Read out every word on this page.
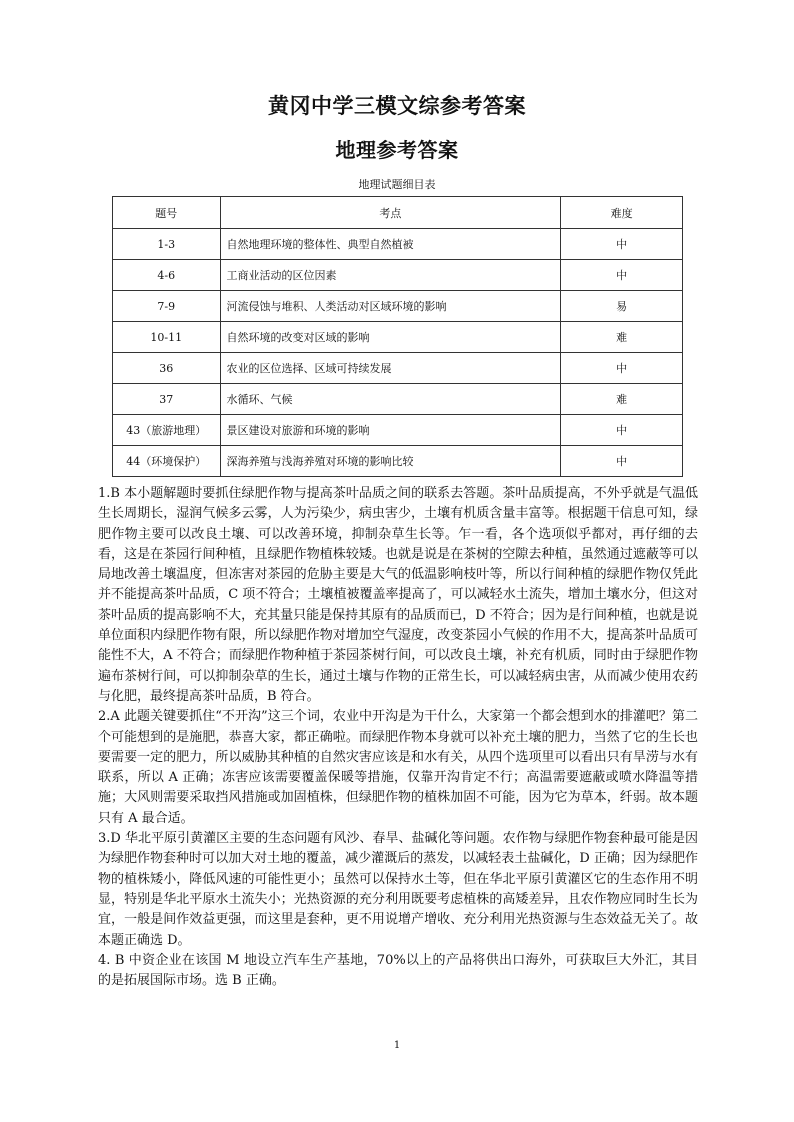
黄冈中学三模文综参考答案
地理参考答案
地理试题细目表
题号	考点	难度
1-3	自然地理环境的整体性、典型自然植被	中
4-6	工商业活动的区位因素	中
7-9	河流侵蚀与堆积、人类活动对区域环境的影响	易
10-11	自然环境的改变对区域的影响	难
36	农业的区位选择、区域可持续发展	中
37	水循环、气候	难
43（旅游地理）	景区建设对旅游和环境的影响	中
44（环境保护）	深海养殖与浅海养殖对环境的影响比较	中

1.B 本小题解题时要抓住绿肥作物与提高茶叶品质之间的联系去答题。茶叶品质提高，不外乎就是气温低生长周期长，湿润气候多云雾，人为污染少，病虫害少，土壤有机质含量丰富等。根据题干信息可知，绿肥作物主要可以改良土壤、可以改善环境，抑制杂草生长等。乍一看，各个选项似乎都对，再仔细的去看，这是在茶园行间种植，且绿肥作物植株较矮。也就是说是在茶树的空隙去种植，虽然通过遮蔽等可以局地改善土壤温度，但冻害对茶园的危胁主要是大气的低温影响枝叶等，所以行间种植的绿肥作物仅凭此并不能提高茶叶品质，C 项不符合；土壤植被覆盖率提高了，可以减轻水土流失，增加土壤水分，但这对茶叶品质的提高影响不大，充其量只能是保持其原有的品质而已，D 不符合；因为是行间种植，也就是说单位面积内绿肥作物有限，所以绿肥作物对增加空气湿度，改变茶园小气候的作用不大，提高茶叶品质可能性不大，A 不符合；而绿肥作物种植于茶园茶树行间，可以改良土壤，补充有机质，同时由于绿肥作物遍布茶树行间，可以抑制杂草的生长，通过土壤与作物的正常生长，可以减轻病虫害，从而减少使用农药与化肥，最终提高茶叶品质，B 符合。

2.A 此题关键要抓住“不开沟”这三个词，农业中开沟是为干什么，大家第一个都会想到水的排灌吧？第二个可能想到的是施肥，恭喜大家，都正确啦。而绿肥作物本身就可以补充土壤的肥力，当然了它的生长也要需要一定的肥力，所以威胁其种植的自然灾害应该是和水有关，从四个选项里可以看出只有旱涝与水有联系，所以 A 正确；冻害应该需要覆盖保暖等措施，仅靠开沟肯定不行；高温需要遮蔽或喷水降温等措施；大风则需要采取挡风措施或加固植株，但绿肥作物的植株加固不可能，因为它为草本，纤弱。故本题只有 A 最合适。

3.D 华北平原引黄灌区主要的生态问题有风沙、春旱、盐碱化等问题。农作物与绿肥作物套种最可能是因为绿肥作物套种时可以加大对土地的覆盖，减少灌溉后的蒸发，以减轻表土盐碱化，D 正确；因为绿肥作物的植株矮小，降低风速的可能性更小；虽然可以保持水土等，但在华北平原引黄灌区它的生态作用不明显，特别是华北平原水土流失小；光热资源的充分利用既要考虑植株的高矮差异，且农作物应同时生长为宜，一般是间作效益更强，而这里是套种，更不用说增产增收、充分利用光热资源与生态效益无关了。故本题正确选 D。

4. B 中资企业在该国 M 地设立汽车生产基地，70%以上的产品将供出口海外，可获取巨大外汇，其目的是拓展国际市场。选 B 正确。

1
